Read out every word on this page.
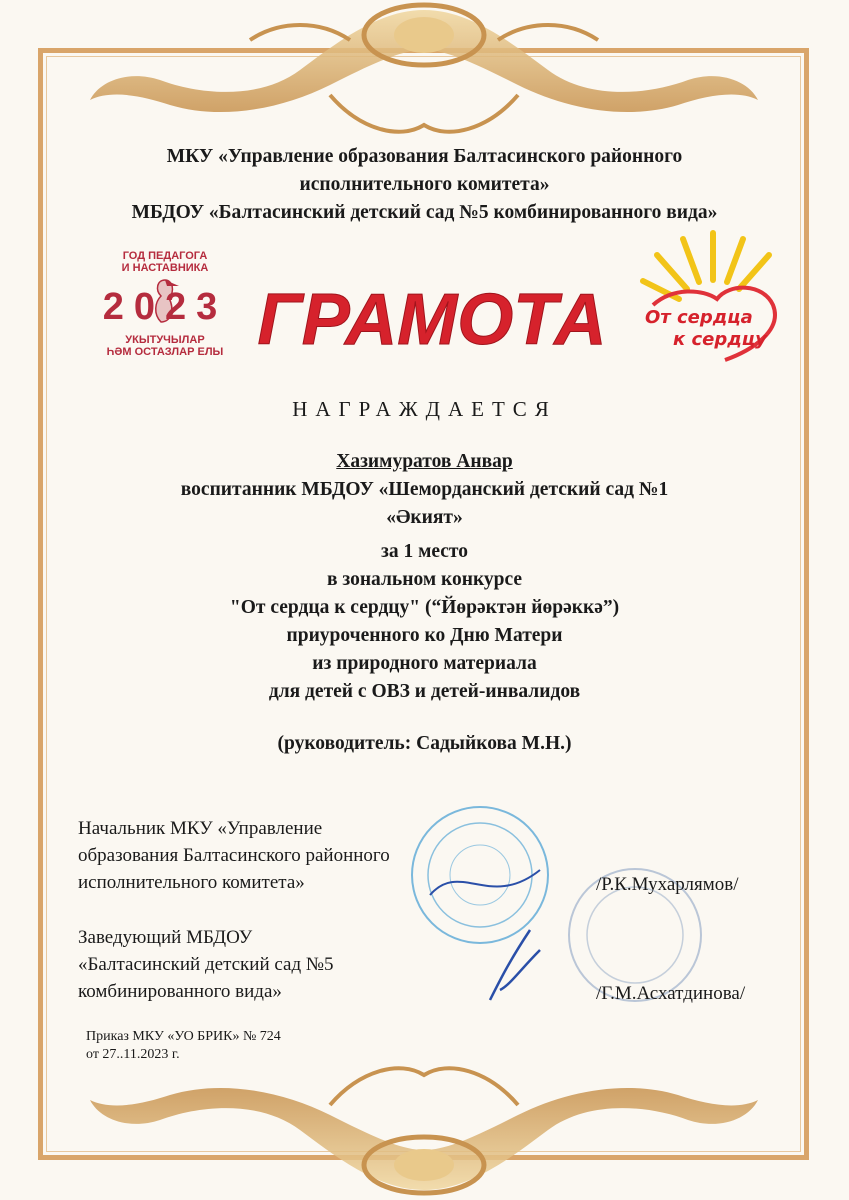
МКУ «Управление образования Балтасинского районного
исполнительного комитета»
МБДОУ «Балтасинский детский сад №5 комбинированного вида»
ГОД ПЕДАГОГА
И НАСТАВНИКА
2023
УКЫТУЧЫЛАР
ҺӘМ ОСТАЗЛАР ЕЛЫ ГРАМОТА От сердца
к сердцу
НАГРАЖДАЕТСЯ
Хазимуратов Анвар
воспитанник МБДОУ «Шеморданский детский сад №1
«Әкият»
за 1 место
в зональном конкурсе
"От сердца к сердцу" (“Йөрәктән йөрәккә”)
приуроченного ко Дню Матери
из природного материала
для детей с ОВЗ и детей-инвалидов
(руководитель: Садыйкова М.Н.)
Начальник МКУ «Управление
образования Балтасинского районного
исполнительного комитета»	/Р.К.Мухарлямов/
Заведующий МБДОУ
«Балтасинский детский сад №5
комбинированного вида»	/Г.М.Асхатдинова/
Приказ МКУ «УО БРИК» № 724
от 27..11.2023 г.
